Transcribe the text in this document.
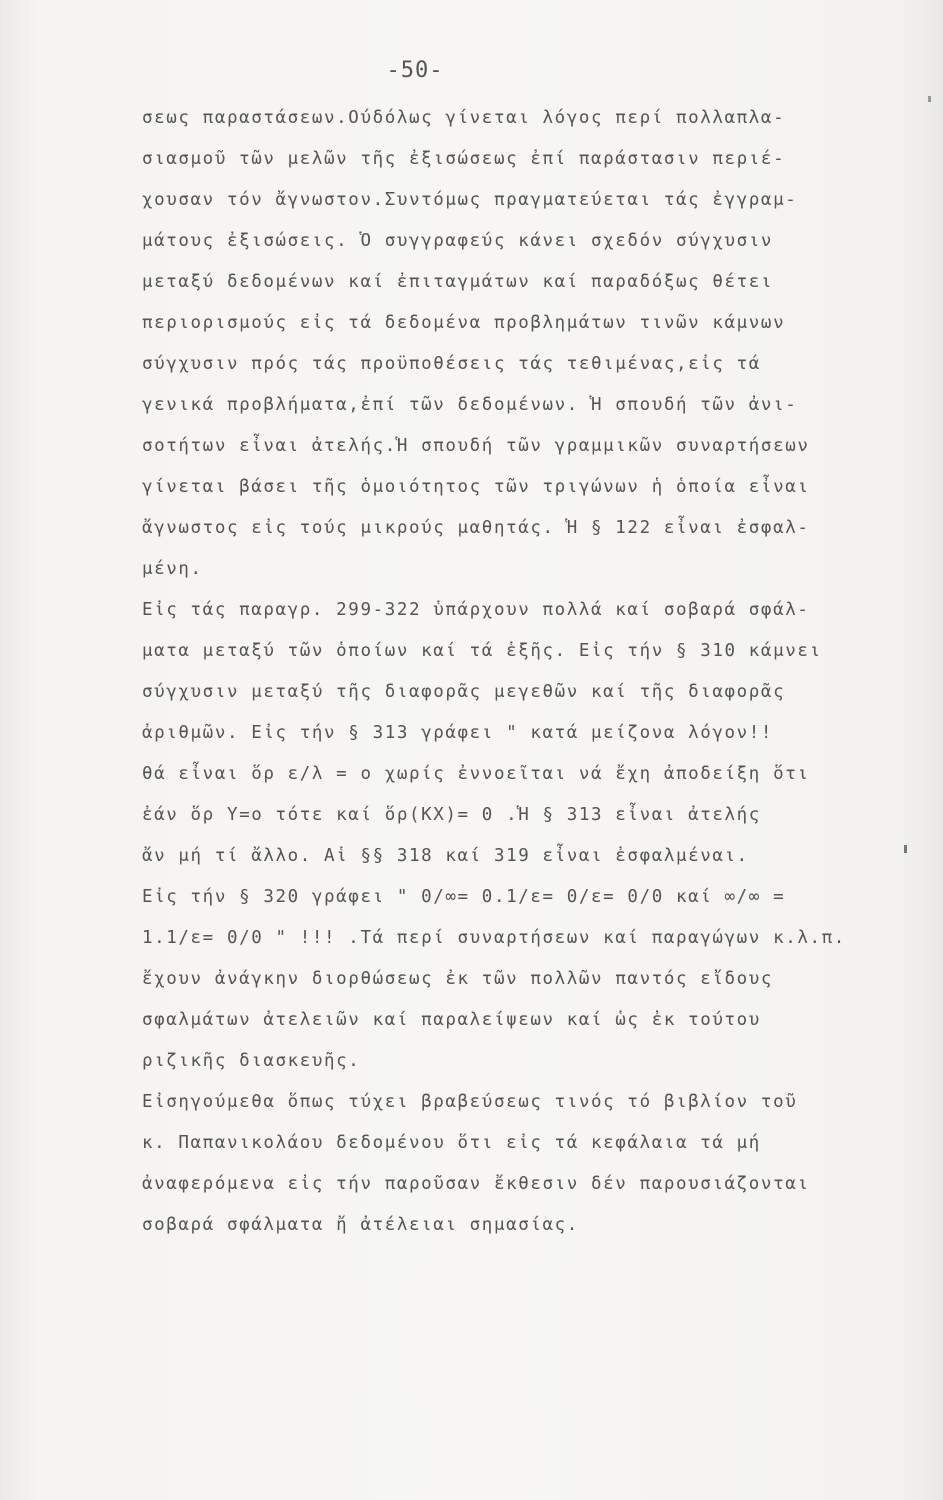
-50-
σεως παραστάσεων.Ούδόλως γίνεται λόγος περί πολλαπλα-
σιασμοῦ τῶν μελῶν τῆς ἐξισώσεως ἐπί παράστασιν περιέ-
χουσαν τόν ἄγνωστον.Συντόμως πραγματεύεται τάς ἐγγραμ-
μάτους ἐξισώσεις. Ὁ συγγραφεύς κάνει σχεδόν σύγχυσιν
μεταξύ δεδομένων καί ἐπιταγμάτων καί παραδόξως θέτει
περιορισμούς εἰς τά δεδομένα προβλημάτων τινῶν κάμνων
σύγχυσιν πρός τάς προϋποθέσεις τάς τεθιμένας,εἰς τά
γενικά προβλήματα,ἐπί τῶν δεδομένων. Ἡ σπουδή τῶν ἀνι-
σοτήτων εἶναι ἀτελής.Ἡ σπουδή τῶν γραμμικῶν συναρτήσεων
γίνεται βάσει τῆς ὁμοιότητος τῶν τριγώνων ἡ ὁποία εἶναι
ἄγνωστος εἰς τούς μικρούς μαθητάς. Ἡ § 122 εἶναι ἐσφαλ-
μένη.
Εἰς τάς παραγρ. 299-322 ὑπάρχουν πολλά καί σοβαρά σφάλ-
ματα μεταξύ τῶν ὁποίων καί τά ἑξῆς. Εἰς τήν § 310 κάμνει
σύγχυσιν μεταξύ τῆς διαφορᾶς μεγεθῶν καί τῆς διαφορᾶς
ἀριθμῶν. Εἰς τήν § 313 γράφει " κατά μείζονα λόγον!!
θά εἶναι ὅρ ε/λ = ο χωρίς ἐννοεῖται νά ἔχη ἀποδείξη ὅτι
ἐάν ὅρ Υ=ο τότε καί ὅρ(ΚΧ)= 0 .Ἡ § 313 εἶναι ἀτελής
ἄν μή τί ἄλλο. Αἱ §§ 318 καί 319 εἶναι ἐσφαλμέναι.
Εἰς τήν § 320 γράφει " 0/∞= 0.1/ε= 0/ε= 0/0 καί ∞/∞ =
1.1/ε= 0/0 " !!! .Τά περί συναρτήσεων καί παραγώγων κ.λ.π.
ἔχουν ἀνάγκην διορθώσεως ἐκ τῶν πολλῶν παντός εἴδους
σφαλμάτων ἀτελειῶν καί παραλείψεων καί ὡς ἐκ τούτου
ριζικῆς διασκευῆς.
Εἰσηγούμεθα ὅπως τύχει βραβεύσεως τινός τό βιβλίον τοῦ
κ. Παπανικολάου δεδομένου ὅτι εἰς τά κεφάλαια τά μή
ἀναφερόμενα εἰς τήν παροῦσαν ἔκθεσιν δέν παρουσιάζονται
σοβαρά σφάλματα ἤ ἀτέλειαι σημασίας.
